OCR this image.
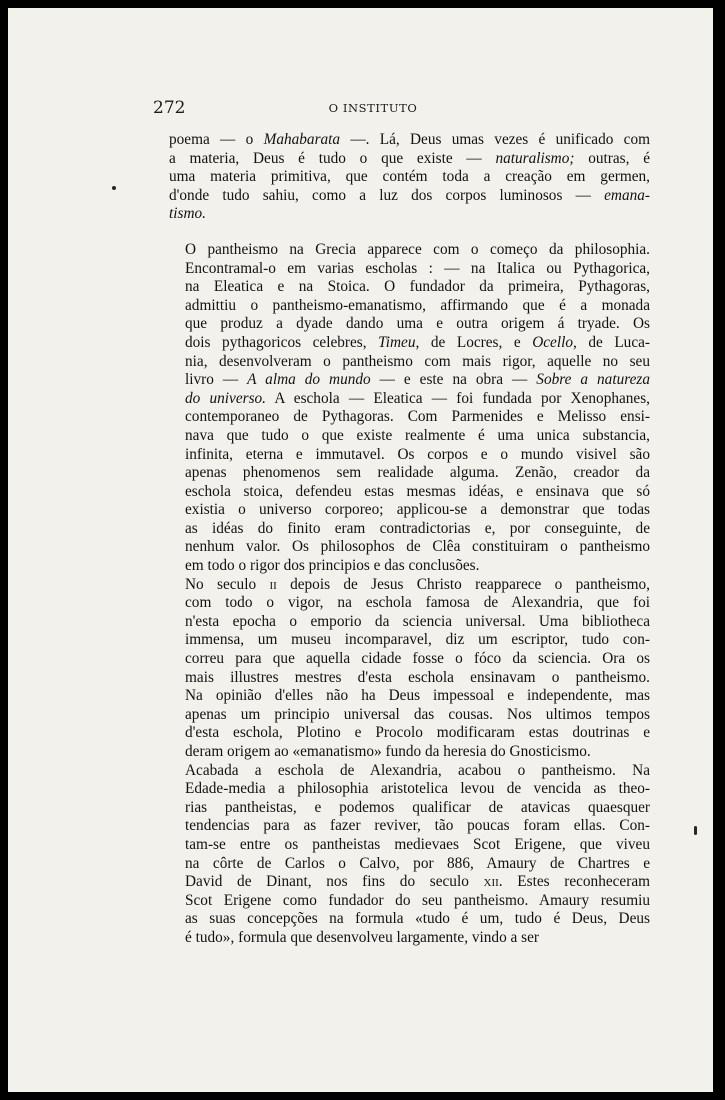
272	O INSTITUTO

poema — o Mahabarata —. Lá, Deus umas vezes é unificado com
a materia, Deus é tudo o que existe — naturalismo; outras, é
uma materia primitiva, que contém toda a creação em germen,
d'onde tudo sahiu, como a luz dos corpos luminosos — emana-
tismo.

O pantheismo na Grecia apparece com o começo da philosophia.
Encontramal-o em varias escholas : — na Italica ou Pythagorica,
na Eleatica e na Stoica. O fundador da primeira, Pythagoras,
admittiu o pantheismo-emanatismo, affirmando que é a monada
que produz a dyade dando uma e outra origem á tryade. Os
dois pythagoricos celebres, Timeu, de Locres, e Ocello, de Luca-
nia, desenvolveram o pantheismo com mais rigor, aquelle no seu
livro — A alma do mundo — e este na obra — Sobre a natureza
do universo. A eschola — Eleatica — foi fundada por Xenophanes,
contemporaneo de Pythagoras. Com Parmenides e Melisso ensi-
nava que tudo o que existe realmente é uma unica substancia,
infinita, eterna e immutavel. Os corpos e o mundo visivel são
apenas phenomenos sem realidade alguma. Zenão, creador da
eschola stoica, defendeu estas mesmas idéas, e ensinava que só
existia o universo corporeo; applicou-se a demonstrar que todas
as idéas do finito eram contradictorias e, por conseguinte, de
nenhum valor. Os philosophos de Clêa constituiram o pantheismo
em todo o rigor dos principios e das conclusões.

No seculo ii depois de Jesus Christo reapparece o pantheismo,
com todo o vigor, na eschola famosa de Alexandria, que foi
n'esta epocha o emporio da sciencia universal. Uma bibliotheca
immensa, um museu incomparavel, diz um escriptor, tudo con-
correu para que aquella cidade fosse o fóco da sciencia. Ora os
mais illustres mestres d'esta eschola ensinavam o pantheismo.
Na opinião d'elles não ha Deus impessoal e independente, mas
apenas um principio universal das cousas. Nos ultimos tempos
d'esta eschola, Plotino e Procolo modificaram estas doutrinas e
deram origem ao «emanatismo» fundo da heresia do Gnosticismo.

Acabada a eschola de Alexandria, acabou o pantheismo. Na
Edade-media a philosophia aristotelica levou de vencida as theo-
rias pantheistas, e podemos qualificar de atavicas quaesquer
tendencias para as fazer reviver, tão poucas foram ellas. Con-
tam-se entre os pantheistas medievaes Scot Erigene, que viveu
na côrte de Carlos o Calvo, por 886, Amaury de Chartres e
David de Dinant, nos fins do seculo xii. Estes reconheceram
Scot Erigene como fundador do seu pantheismo. Amaury resumiu
as suas concepções na formula «tudo é um, tudo é Deus, Deus
é tudo», formula que desenvolveu largamente, vindo a ser
